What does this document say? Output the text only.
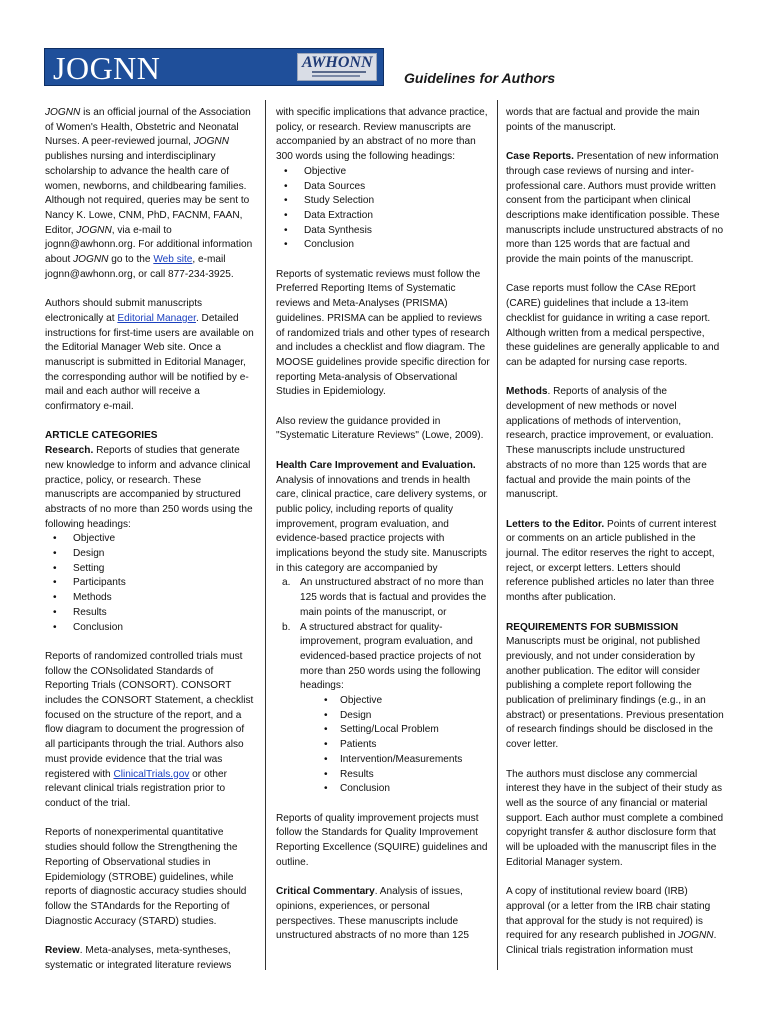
JOGNN	AWHONN
Guidelines for Authors

JOGNN is an official journal of the Association of Women's Health, Obstetric and Neonatal Nurses. A peer-reviewed journal, JOGNN publishes nursing and interdisciplinary scholarship to advance the health care of women, newborns, and childbearing families. Although not required, queries may be sent to Nancy K. Lowe, CNM, PhD, FACNM, FAAN, Editor, JOGNN, via e-mail to jognn@awhonn.org. For additional information about JOGNN go to the Web site, e-mail jognn@awhonn.org, or call 877-234-3925.

Authors should submit manuscripts electronically at Editorial Manager. Detailed instructions for first-time users are available on the Editorial Manager Web site. Once a manuscript is submitted in Editorial Manager, the corresponding author will be notified by e-mail and each author will receive a confirmatory e-mail.

ARTICLE CATEGORIES
Research. Reports of studies that generate new knowledge to inform and advance clinical practice, policy, or research. These manuscripts are accompanied by structured abstracts of no more than 250 words using the following headings:
• Objective
• Design
• Setting
• Participants
• Methods
• Results
• Conclusion

Reports of randomized controlled trials must follow the CONsolidated Standards of Reporting Trials (CONSORT). CONSORT includes the CONSORT Statement, a checklist focused on the structure of the report, and a flow diagram to document the progression of all participants through the trial. Authors also must provide evidence that the trial was registered with ClinicalTrials.gov or other relevant clinical trials registration prior to conduct of the trial.

Reports of nonexperimental quantitative studies should follow the Strengthening the Reporting of Observational studies in Epidemiology (STROBE) guidelines, while reports of diagnostic accuracy studies should follow the STAndards for the Reporting of Diagnostic Accuracy (STARD) studies.

Review. Meta-analyses, meta-syntheses, systematic or integrated literature reviews
with specific implications that advance practice, policy, or research. Review manuscripts are accompanied by an abstract of no more than 300 words using the following headings:
• Objective
• Data Sources
• Study Selection
• Data Extraction
• Data Synthesis
• Conclusion

Reports of systematic reviews must follow the Preferred Reporting Items of Systematic reviews and Meta-Analyses (PRISMA) guidelines. PRISMA can be applied to reviews of randomized trials and other types of research and includes a checklist and flow diagram. The MOOSE guidelines provide specific direction for reporting Meta-analysis of Observational Studies in Epidemiology.

Also review the guidance provided in "Systematic Literature Reviews" (Lowe, 2009).

Health Care Improvement and Evaluation. Analysis of innovations and trends in health care, clinical practice, care delivery systems, or public policy, including reports of quality improvement, program evaluation, and evidence-based practice projects with implications beyond the study site. Manuscripts in this category are accompanied by
a. An unstructured abstract of no more than 125 words that is factual and provides the main points of the manuscript, or
b. A structured abstract for quality-improvement, program evaluation, and evidenced-based practice projects of not more than 250 words using the following headings:
• Objective
• Design
• Setting/Local Problem
• Patients
• Intervention/Measurements
• Results
• Conclusion

Reports of quality improvement projects must follow the Standards for Quality Improvement Reporting Excellence (SQUIRE) guidelines and outline.

Critical Commentary. Analysis of issues, opinions, experiences, or personal perspectives. These manuscripts include unstructured abstracts of no more than 125

words that are factual and provide the main points of the manuscript.

Case Reports. Presentation of new information through case reviews of nursing and inter-professional care. Authors must provide written consent from the participant when clinical descriptions make identification possible. These manuscripts include unstructured abstracts of no more than 125 words that are factual and provide the main points of the manuscript.

Case reports must follow the CAse REport (CARE) guidelines that include a 13-item checklist for guidance in writing a case report. Although written from a medical perspective, these guidelines are generally applicable to and can be adapted for nursing case reports.

Methods. Reports of analysis of the development of new methods or novel applications of methods of intervention, research, practice improvement, or evaluation. These manuscripts include unstructured abstracts of no more than 125 words that are factual and provide the main points of the manuscript.

Letters to the Editor. Points of current interest or comments on an article published in the journal. The editor reserves the right to accept, reject, or excerpt letters. Letters should reference published articles no later than three months after publication.

REQUIREMENTS FOR SUBMISSION

Manuscripts must be original, not published previously, and not under consideration by another publication. The editor will consider publishing a complete report following the publication of preliminary findings (e.g., in an abstract) or presentations. Previous presentation of research findings should be disclosed in the cover letter.

The authors must disclose any commercial interest they have in the subject of their study as well as the source of any financial or material support. Each author must complete a combined copyright transfer & author disclosure form that will be uploaded with the manuscript files in the Editorial Manager system.

A copy of institutional review board (IRB) approval (or a letter from the IRB chair stating that approval for the study is not required) is required for any research published in JOGNN. Clinical trials registration information must
